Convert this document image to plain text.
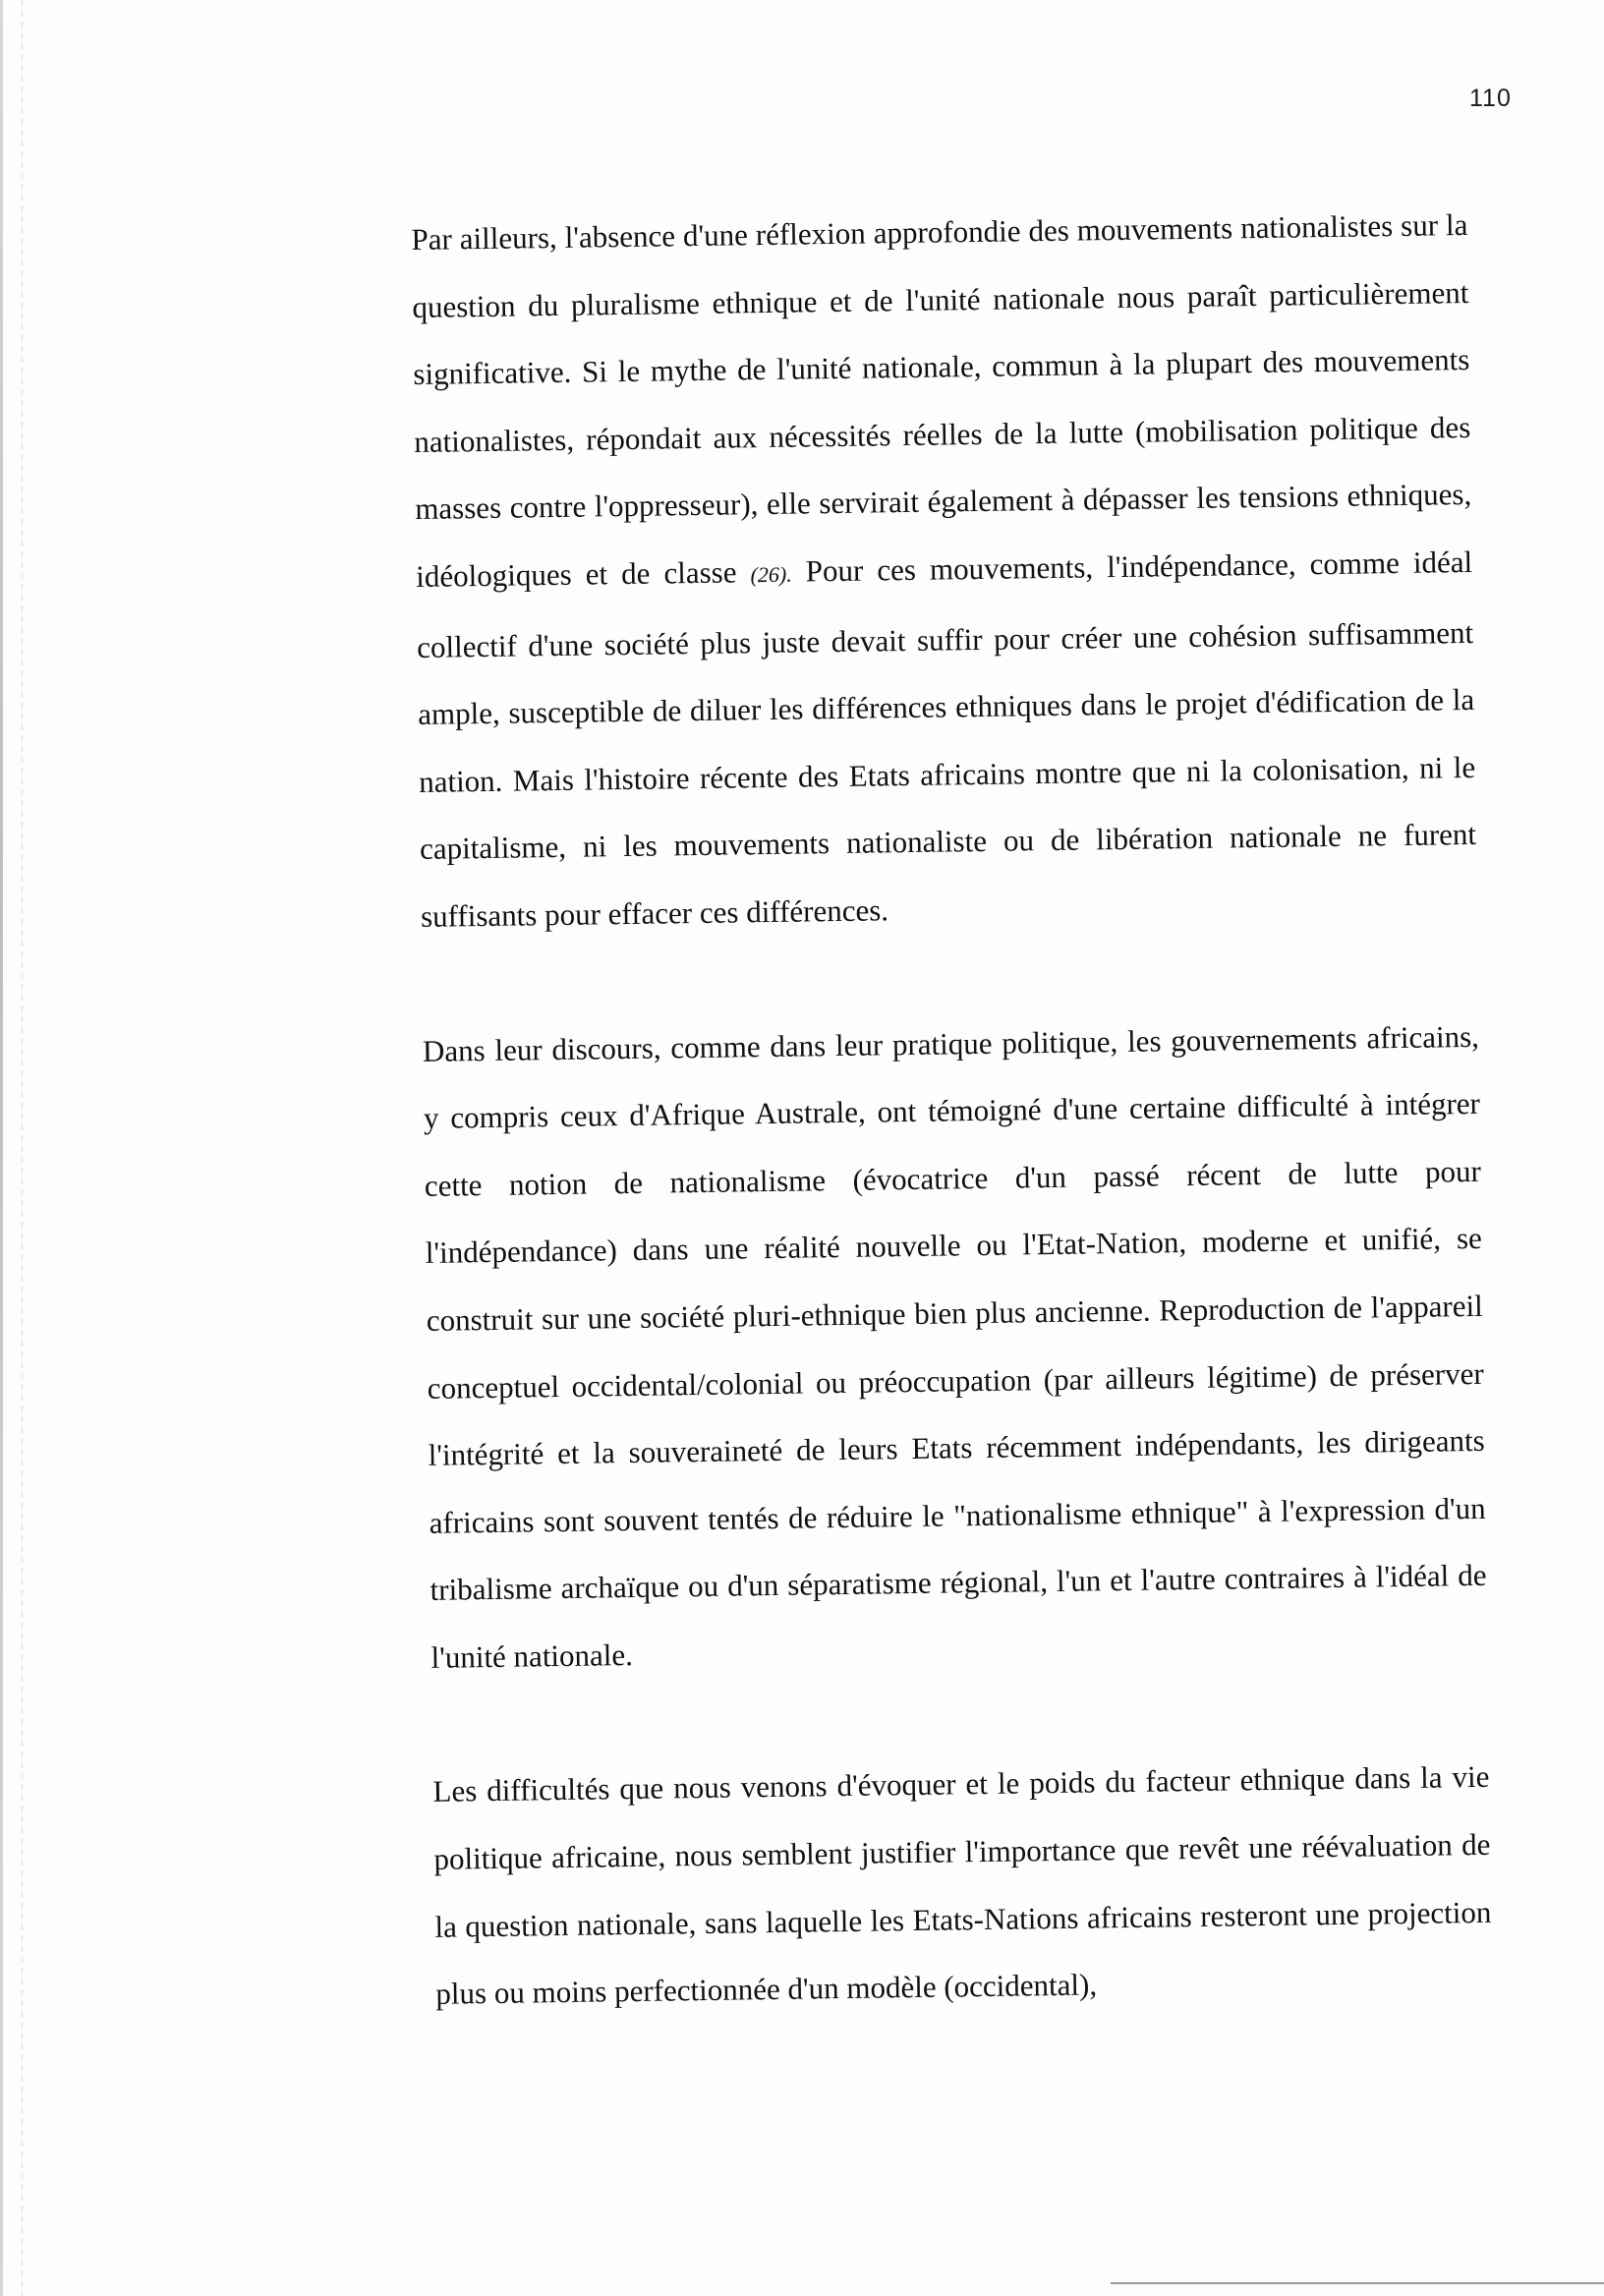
110

Par ailleurs, l'absence d'une réflexion approfondie des mouvements nationalistes sur la question du pluralisme ethnique et de l'unité nationale nous paraît particulièrement significative. Si le mythe de l'unité nationale, commun à la plupart des mouvements nationalistes, répondait aux nécessités réelles de la lutte (mobilisation politique des masses contre l'oppresseur), elle servirait également à dépasser les tensions ethniques, idéologiques et de classe (26). Pour ces mouvements, l'indépendance, comme idéal collectif d'une société plus juste devait suffir pour créer une cohésion suffisamment ample, susceptible de diluer les différences ethniques dans le projet d'édification de la nation. Mais l'histoire récente des Etats africains montre que ni la colonisation, ni le capitalisme, ni les mouvements nationaliste ou de libération nationale ne furent suffisants pour effacer ces différences.

Dans leur discours, comme dans leur pratique politique, les gouvernements africains, y compris ceux d'Afrique Australe, ont témoigné d'une certaine difficulté à intégrer cette notion de nationalisme (évocatrice d'un passé récent de lutte pour l'indépendance) dans une réalité nouvelle ou l'Etat-Nation, moderne et unifié, se construit sur une société pluri-ethnique bien plus ancienne. Reproduction de l'appareil conceptuel occidental/colonial ou préoccupation (par ailleurs légitime) de préserver l'intégrité et la souveraineté de leurs Etats récemment indépendants, les dirigeants africains sont souvent tentés de réduire le "nationalisme ethnique" à l'expression d'un tribalisme archaïque ou d'un séparatisme régional, l'un et l'autre contraires à l'idéal de l'unité nationale.

Les difficultés que nous venons d'évoquer et le poids du facteur ethnique dans la vie politique africaine, nous semblent justifier l'importance que revêt une réévaluation de la question nationale, sans laquelle les Etats-Nations africains resteront une projection plus ou moins perfectionnée d'un modèle (occidental),
